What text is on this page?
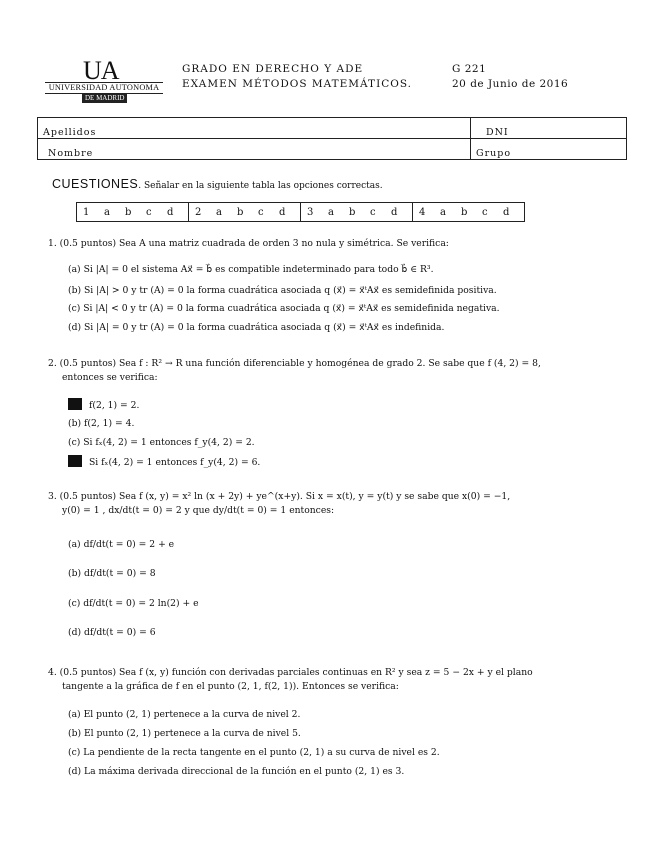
UA
UNIVERSIDAD AUTONOMA
DE MADRID
GRADO EN DERECHO Y ADE
EXAMEN MÉTODOS MATEMÁTICOS.
G 221
20 de Junio de 2016
Apellidos	DNI
Nombre	Grupo
CUESTIONES. Señalar en la siguiente tabla las opciones correctas.
1 a b c d	2 a b c d	3 a b c d	4 a b c d
1. (0.5 puntos) Sea A una matriz cuadrada de orden 3 no nula y simétrica. Se verifica:
(a) Si |A| = 0 el sistema Ax⃗ = b⃗ es compatible indeterminado para todo b⃗ ∈ R³.
(b) Si |A| > 0 y tr (A) = 0 la forma cuadrática asociada q (x⃗) = x⃗ᵗAx⃗ es semidefinida positiva.
(c) Si |A| < 0 y tr (A) = 0 la forma cuadrática asociada q (x⃗) = x⃗ᵗAx⃗ es semidefinida negativa.
(d) Si |A| = 0 y tr (A) = 0 la forma cuadrática asociada q (x⃗) = x⃗ᵗAx⃗ es indefinida.
2. (0.5 puntos) Sea f : R² → R una función diferenciable y homogénea de grado 2. Se sabe que f (4, 2) = 8,
entonces se verifica:
f(2, 1) = 2.
(b) f(2, 1) = 4.
(c) Si fₓ(4, 2) = 1 entonces f_y(4, 2) = 2.
Si fₓ(4, 2) = 1 entonces f_y(4, 2) = 6.
3. (0.5 puntos) Sea f (x, y) = x² ln (x + 2y) + ye^(x+y). Si x = x(t), y = y(t) y se sabe que x(0) = −1,
y(0) = 1 , dx/dt(t = 0) = 2 y que dy/dt(t = 0) = 1 entonces:
(a) df/dt(t = 0) = 2 + e
(b) df/dt(t = 0) = 8
(c) df/dt(t = 0) = 2 ln(2) + e
(d) df/dt(t = 0) = 6
4. (0.5 puntos) Sea f (x, y) función con derivadas parciales continuas en R² y sea z = 5 − 2x + y el plano
tangente a la gráfica de f en el punto (2, 1, f(2, 1)). Entonces se verifica:
(a) El punto (2, 1) pertenece a la curva de nivel 2.
(b) El punto (2, 1) pertenece a la curva de nivel 5.
(c) La pendiente de la recta tangente en el punto (2, 1) a su curva de nivel es 2.
(d) La máxima derivada direccional de la función en el punto (2, 1) es 3.
